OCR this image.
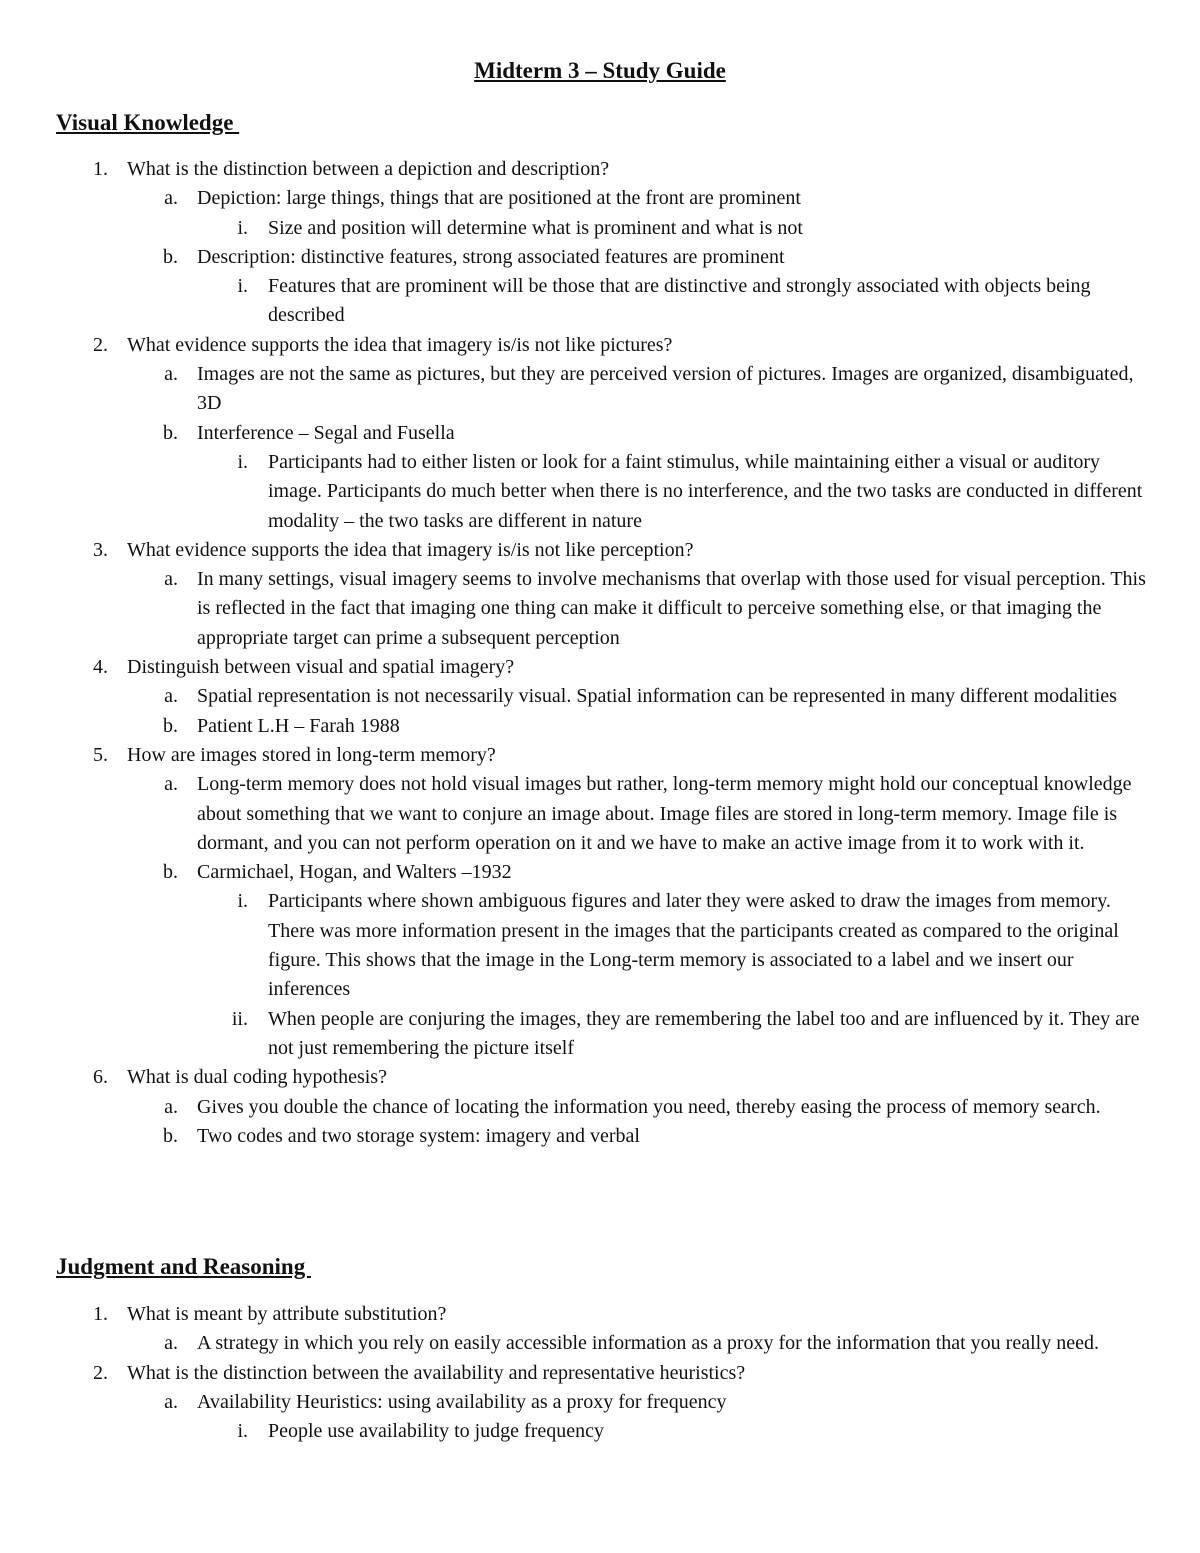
Midterm 3 – Study Guide
Visual Knowledge
1. What is the distinction between a depiction and description?
a. Depiction: large things, things that are positioned at the front are prominent
i. Size and position will determine what is prominent and what is not
b. Description: distinctive features, strong associated features are prominent
i. Features that are prominent will be those that are distinctive and strongly associated with objects being described
2. What evidence supports the idea that imagery is/is not like pictures?
a. Images are not the same as pictures, but they are perceived version of pictures. Images are organized, disambiguated, 3D
b. Interference – Segal and Fusella
i. Participants had to either listen or look for a faint stimulus, while maintaining either a visual or auditory image. Participants do much better when there is no interference, and the two tasks are conducted in different modality – the two tasks are different in nature
3. What evidence supports the idea that imagery is/is not like perception?
a. In many settings, visual imagery seems to involve mechanisms that overlap with those used for visual perception. This is reflected in the fact that imaging one thing can make it difficult to perceive something else, or that imaging the appropriate target can prime a subsequent perception
4. Distinguish between visual and spatial imagery?
a. Spatial representation is not necessarily visual. Spatial information can be represented in many different modalities
b. Patient L.H – Farah 1988
5. How are images stored in long-term memory?
a. Long-term memory does not hold visual images but rather, long-term memory might hold our conceptual knowledge about something that we want to conjure an image about. Image files are stored in long-term memory. Image file is dormant, and you can not perform operation on it and we have to make an active image from it to work with it.
b. Carmichael, Hogan, and Walters –1932
i. Participants where shown ambiguous figures and later they were asked to draw the images from memory. There was more information present in the images that the participants created as compared to the original figure. This shows that the image in the Long-term memory is associated to a label and we insert our inferences
ii. When people are conjuring the images, they are remembering the label too and are influenced by it. They are not just remembering the picture itself
6. What is dual coding hypothesis?
a. Gives you double the chance of locating the information you need, thereby easing the process of memory search.
b. Two codes and two storage system: imagery and verbal
Judgment and Reasoning
1. What is meant by attribute substitution?
a. A strategy in which you rely on easily accessible information as a proxy for the information that you really need.
2. What is the distinction between the availability and representative heuristics?
a. Availability Heuristics: using availability as a proxy for frequency
i. People use availability to judge frequency
